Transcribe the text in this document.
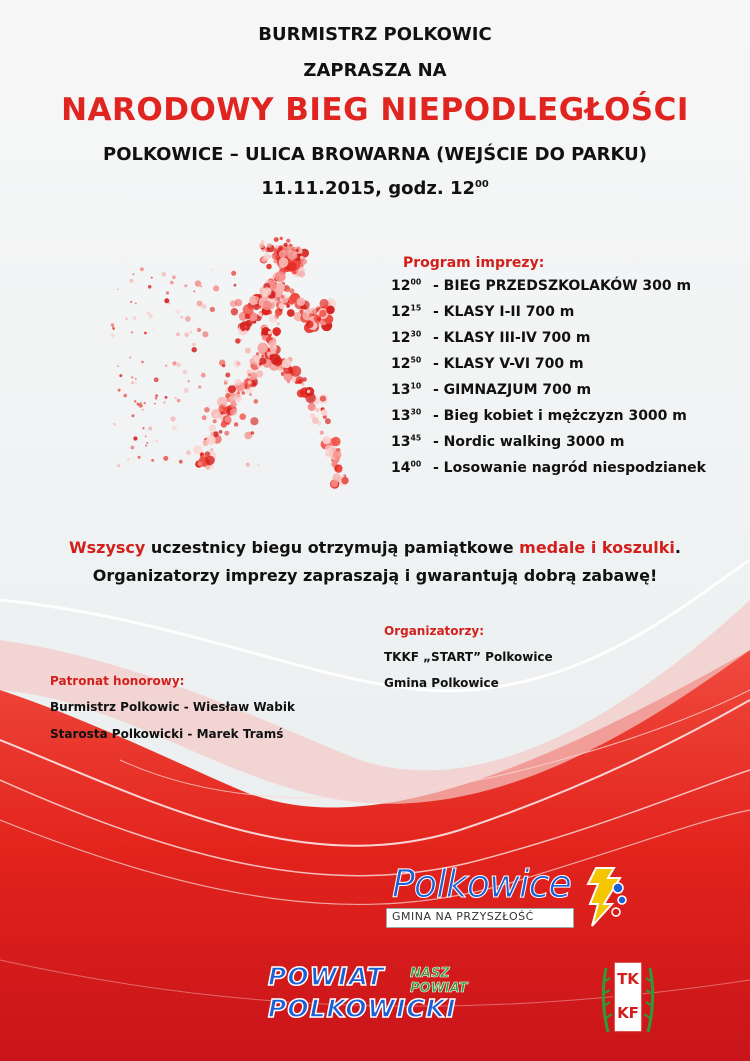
BURMISTRZ POLKOWIC
ZAPRASZA NA
NARODOWY BIEG NIEPODLEGŁOŚCI
POLKOWICE – ULICA BROWARNA (WEJŚCIE DO PARKU)
11.11.2015, godz. $12^{00}$
Program imprezy:
$12^{00}$ - BIEG PRZEDSZKOLAKÓW 300 m
$12^{15}$ - KLASY I-II 700 m
$12^{30}$ - KLASY III-IV 700 m
$12^{50}$ - KLASY V-VI 700 m
$13^{10}$ - GIMNAZJUM 700 m
$13^{30}$ - Bieg kobiet i mężczyzn 3000 m
$13^{45}$ - Nordic walking 3000 m
$14^{00}$ - Losowanie nagród niespodzianek
Wszyscy uczestnicy biegu otrzymują pamiątkowe medale i koszulki.
Organizatorzy imprezy zapraszają i gwarantują dobrą zabawę!
Organizatorzy:
TKKF „START” Polkowice
Gmina Polkowice
Patronat honorowy:
Burmistrz Polkowic - Wiesław Wabik
Starosta Polkowicki - Marek Tramś
Polkowice
GMINA NA PRZYSZŁOŚĆ
POWIAT
POLKOWICKI
NASZ
POWIAT
TK
KF
